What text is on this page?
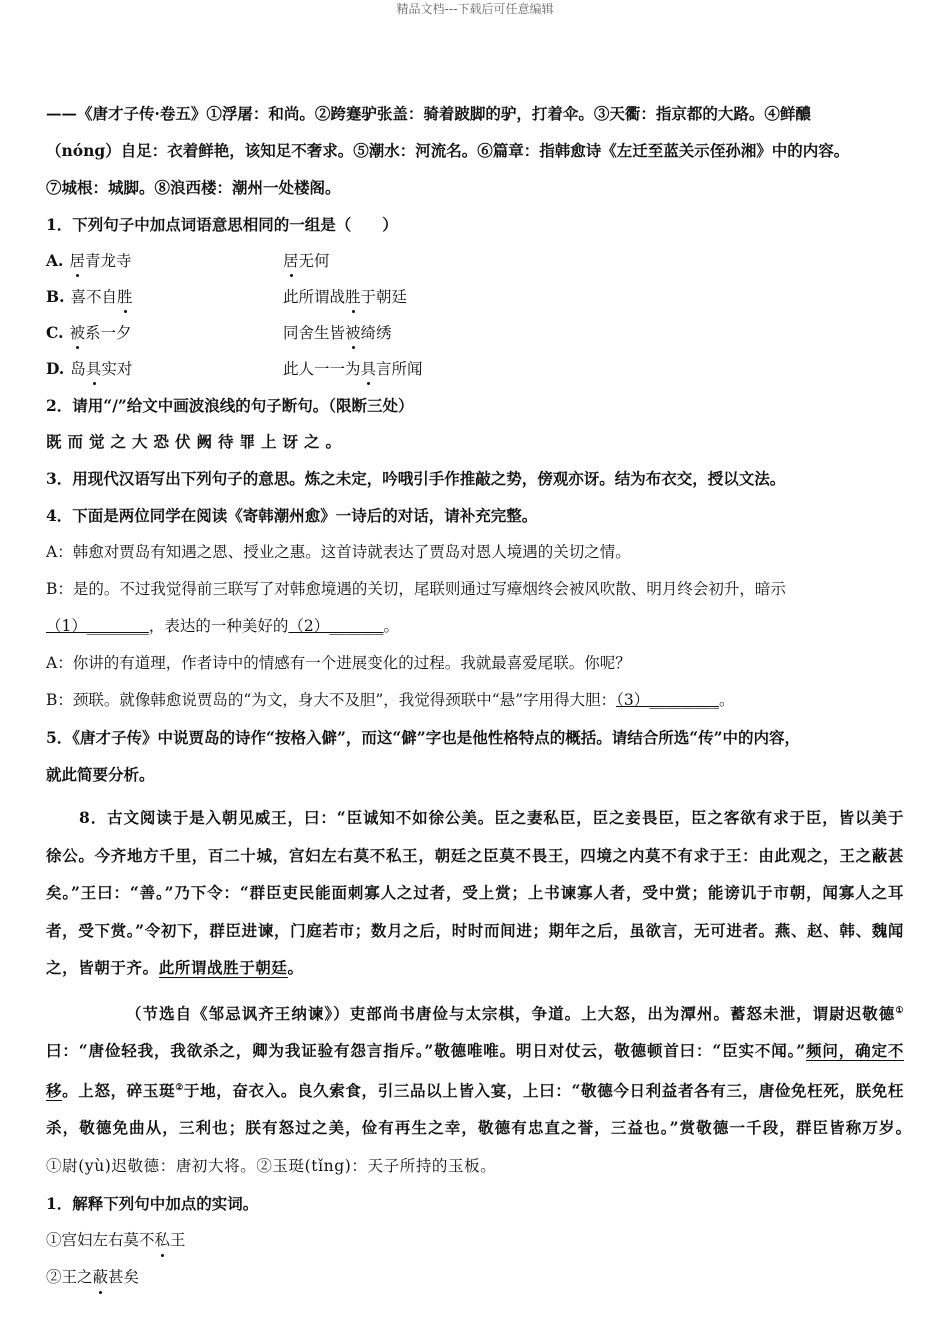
精品文档---下载后可任意编辑
——《唐才子传·卷五》①浮屠：和尚。②跨蹇驴张盖：骑着跛脚的驴，打着伞。③天衢：指京都的大路。④鲜醲
（nóng）自足：衣着鲜艳，该知足不奢求。⑤潮水：河流名。⑥篇章：指韩愈诗《左迁至蓝关示侄孙湘》中的内容。
⑦城根：城脚。⑧浪西楼：潮州一处楼阁。
1．下列句子中加点词语意思相同的一组是（　　）
A. 居青龙寺	居无何
B. 喜不自胜	此所谓战胜于朝廷
C. 被系一夕	同舍生皆被绮绣
D. 岛具实对	此人一一为具言所闻
2．请用“/”给文中画波浪线的句子断句。（限断三处）
既而觉之大恐伏阙待罪上讶之。
3．用现代汉语写出下列句子的意思。炼之未定，吟哦引手作推敲之势，傍观亦讶。结为布衣交，授以文法。
4．下面是两位同学在阅读《寄韩潮州愈》一诗后的对话，请补充完整。
A：韩愈对贾岛有知遇之恩、授业之惠。这首诗就表达了贾岛对恩人境遇的关切之情。
B：是的。不过我觉得前三联写了对韩愈境遇的关切，尾联则通过写瘴烟终会被风吹散、明月终会初升，暗示
（1）________，表达的一种美好的（2）_______。
A：你讲的有道理，作者诗中的情感有一个进展变化的过程。我就最喜爱尾联。你呢？
B：颈联。就像韩愈说贾岛的“为文，身大不及胆”，我觉得颈联中“悬”字用得大胆：（3）_________。
5．《唐才子传》中说贾岛的诗作“按格入僻”，而这“僻”字也是他性格特点的概括。请结合所选“传”中的内容，
就此简要分析。
8．古文阅读于是入朝见威王，曰：“臣诚知不如徐公美。臣之妻私臣，臣之妾畏臣，臣之客欲有求于臣，皆以美于徐公。今齐地方千里，百二十城，宫妇左右莫不私王，朝廷之臣莫不畏王，四境之内莫不有求于王：由此观之，王之蔽甚矣。”王曰：“善。”乃下令：“群臣吏民能面刺寡人之过者，受上赏；上书谏寡人者，受中赏；能谤讥于市朝，闻寡人之耳者，受下赏。”令初下，群臣进谏，门庭若市；数月之后，时时而间进；期年之后，虽欲言，无可进者。燕、赵、韩、魏闻之，皆朝于齐。此所谓战胜于朝廷。
（节选自《邹忌讽齐王纳谏》）吏部尚书唐俭与太宗棋，争道。上大怒，出为潭州。蓄怒未泄，谓尉迟敬德①曰：“唐俭轻我，我欲杀之，卿为我证验有怨言指斥。”敬德唯唯。明日对仗云，敬德顿首曰：“臣实不闻。”频问，确定不移。上怒，碎玉珽②于地，奋衣入。良久索食，引三品以上皆入宴，上曰：“敬德今日利益者各有三，唐俭免枉死，朕免枉杀，敬德免曲从，三利也；朕有怒过之美，俭有再生之幸，敬德有忠直之誉，三益也。”赏敬德一千段，群臣皆称万岁。　　①尉(yù)迟敬德：唐初大将。②玉珽(tǐng)：天子所持的玉板。
1．解释下列句中加点的实词。
①宫妇左右莫不私王
②王之蔽甚矣
